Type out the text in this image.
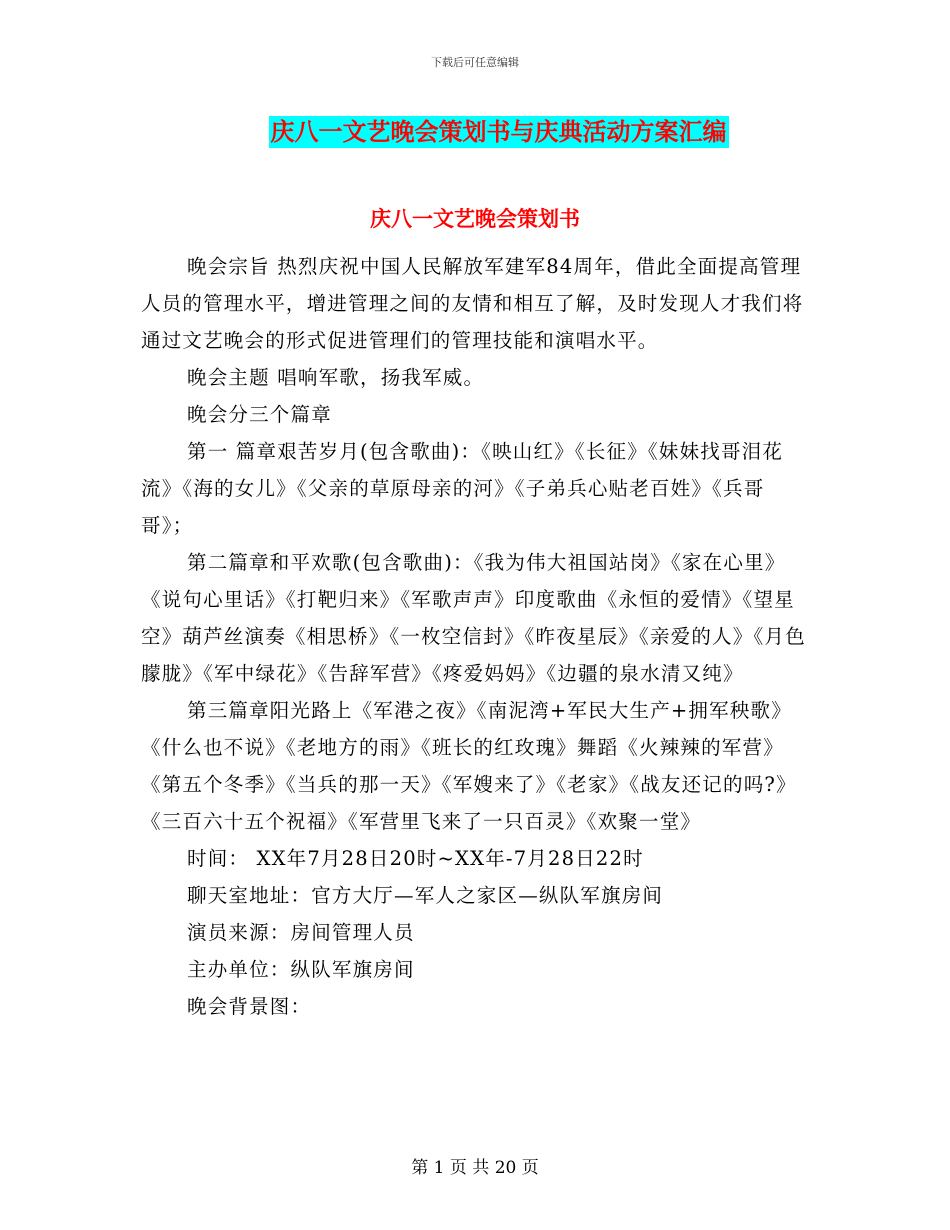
下载后可任意编辑
庆八一文艺晚会策划书与庆典活动方案汇编
庆八一文艺晚会策划书

晚会宗旨 热烈庆祝中国人民解放军建军84周年，借此全面提高管理人员的管理水平，增进管理之间的友情和相互了解，及时发现人才我们将通过文艺晚会的形式促进管理们的管理技能和演唱水平。

晚会主题 唱响军歌，扬我军威。

晚会分三个篇章

第一 篇章艰苦岁月(包含歌曲)：《映山红》《长征》《妹妹找哥泪花流》《海的女儿》《父亲的草原母亲的河》《子弟兵心贴老百姓》《兵哥哥》；

第二篇章和平欢歌(包含歌曲)：《我为伟大祖国站岗》《家在心里》《说句心里话》《打靶归来》《军歌声声》印度歌曲《永恒的爱情》《望星空》葫芦丝演奏《相思桥》《一枚空信封》《昨夜星辰》《亲爱的人》《月色朦胧》《军中绿花》《告辞军营》《疼爱妈妈》《边疆的泉水清又纯》

第三篇章阳光路上《军港之夜》《南泥湾+军民大生产+拥军秧歌》《什么也不说》《老地方的雨》《班长的红玫瑰》舞蹈《火辣辣的军营》《第五个冬季》《当兵的那一天》《军嫂来了》《老家》《战友还记的吗?》《三百六十五个祝福》《军营里飞来了一只百灵》《欢聚一堂》

时间： XX年7月28日20时~XX年-7月28日22时

聊天室地址：官方大厅—军人之家区—纵队军旗房间

演员来源：房间管理人员

主办单位：纵队军旗房间

晚会背景图：

第 1 页 共 20 页
